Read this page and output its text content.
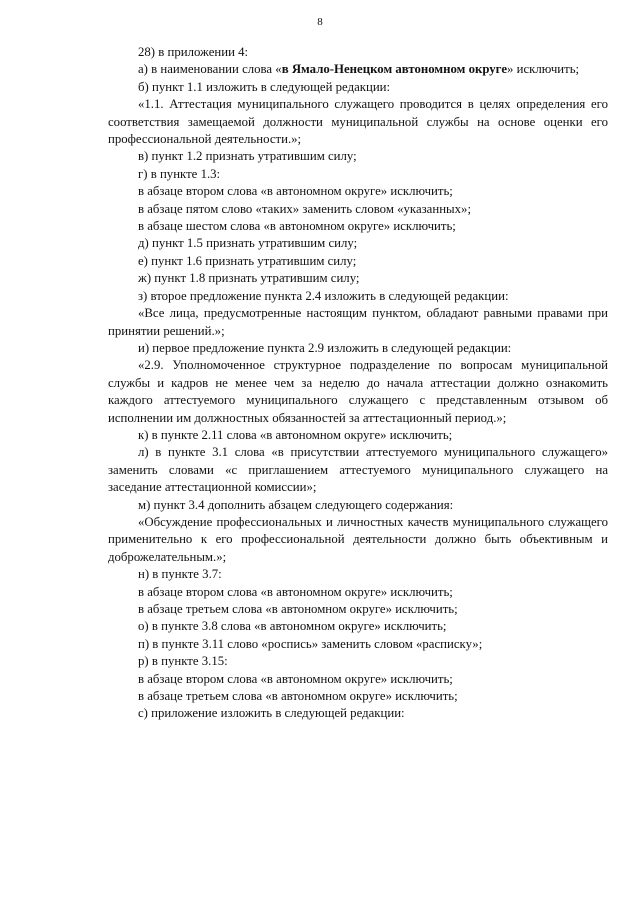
8

28) в приложении 4:

а) в наименовании слова «в Ямало-Ненецком автономном округе» исключить;

б) пункт 1.1 изложить в следующей редакции:

«1.1. Аттестация муниципального служащего проводится в целях определения его соответствия замещаемой должности муниципальной службы на основе оценки его профессиональной деятельности.»;

в) пункт 1.2 признать утратившим силу;

г) в пункте 1.3:

в абзаце втором слова «в автономном округе» исключить;

в абзаце пятом слово «таких» заменить словом «указанных»;

в абзаце шестом слова «в автономном округе» исключить;

д) пункт 1.5 признать утратившим силу;

е) пункт 1.6 признать утратившим силу;

ж) пункт 1.8 признать утратившим силу;

з) второе предложение пункта 2.4 изложить в следующей редакции:

«Все лица, предусмотренные настоящим пунктом, обладают равными правами при принятии решений.»;

и) первое предложение пункта 2.9 изложить в следующей редакции:

«2.9. Уполномоченное структурное подразделение по вопросам муниципальной службы и кадров не менее чем за неделю до начала аттестации должно ознакомить каждого аттестуемого муниципального служащего с представленным отзывом об исполнении им должностных обязанностей за аттестационный период.»;

к) в пункте 2.11 слова «в автономном округе» исключить;

л) в пункте 3.1 слова «в присутствии аттестуемого муниципального служащего» заменить словами «с приглашением аттестуемого муниципального служащего на заседание аттестационной комиссии»;

м) пункт 3.4 дополнить абзацем следующего содержания:

«Обсуждение профессиональных и личностных качеств муниципального служащего применительно к его профессиональной деятельности должно быть объективным и доброжелательным.»;

н) в пункте 3.7:

в абзаце втором слова «в автономном округе» исключить;

в абзаце третьем слова «в автономном округе» исключить;

о) в пункте 3.8 слова «в автономном округе» исключить;

п) в пункте 3.11 слово «роспись» заменить словом «расписку»;

р) в пункте 3.15:

в абзаце втором слова «в автономном округе» исключить;

в абзаце третьем слова «в автономном округе» исключить;

с) приложение изложить в следующей редакции:
